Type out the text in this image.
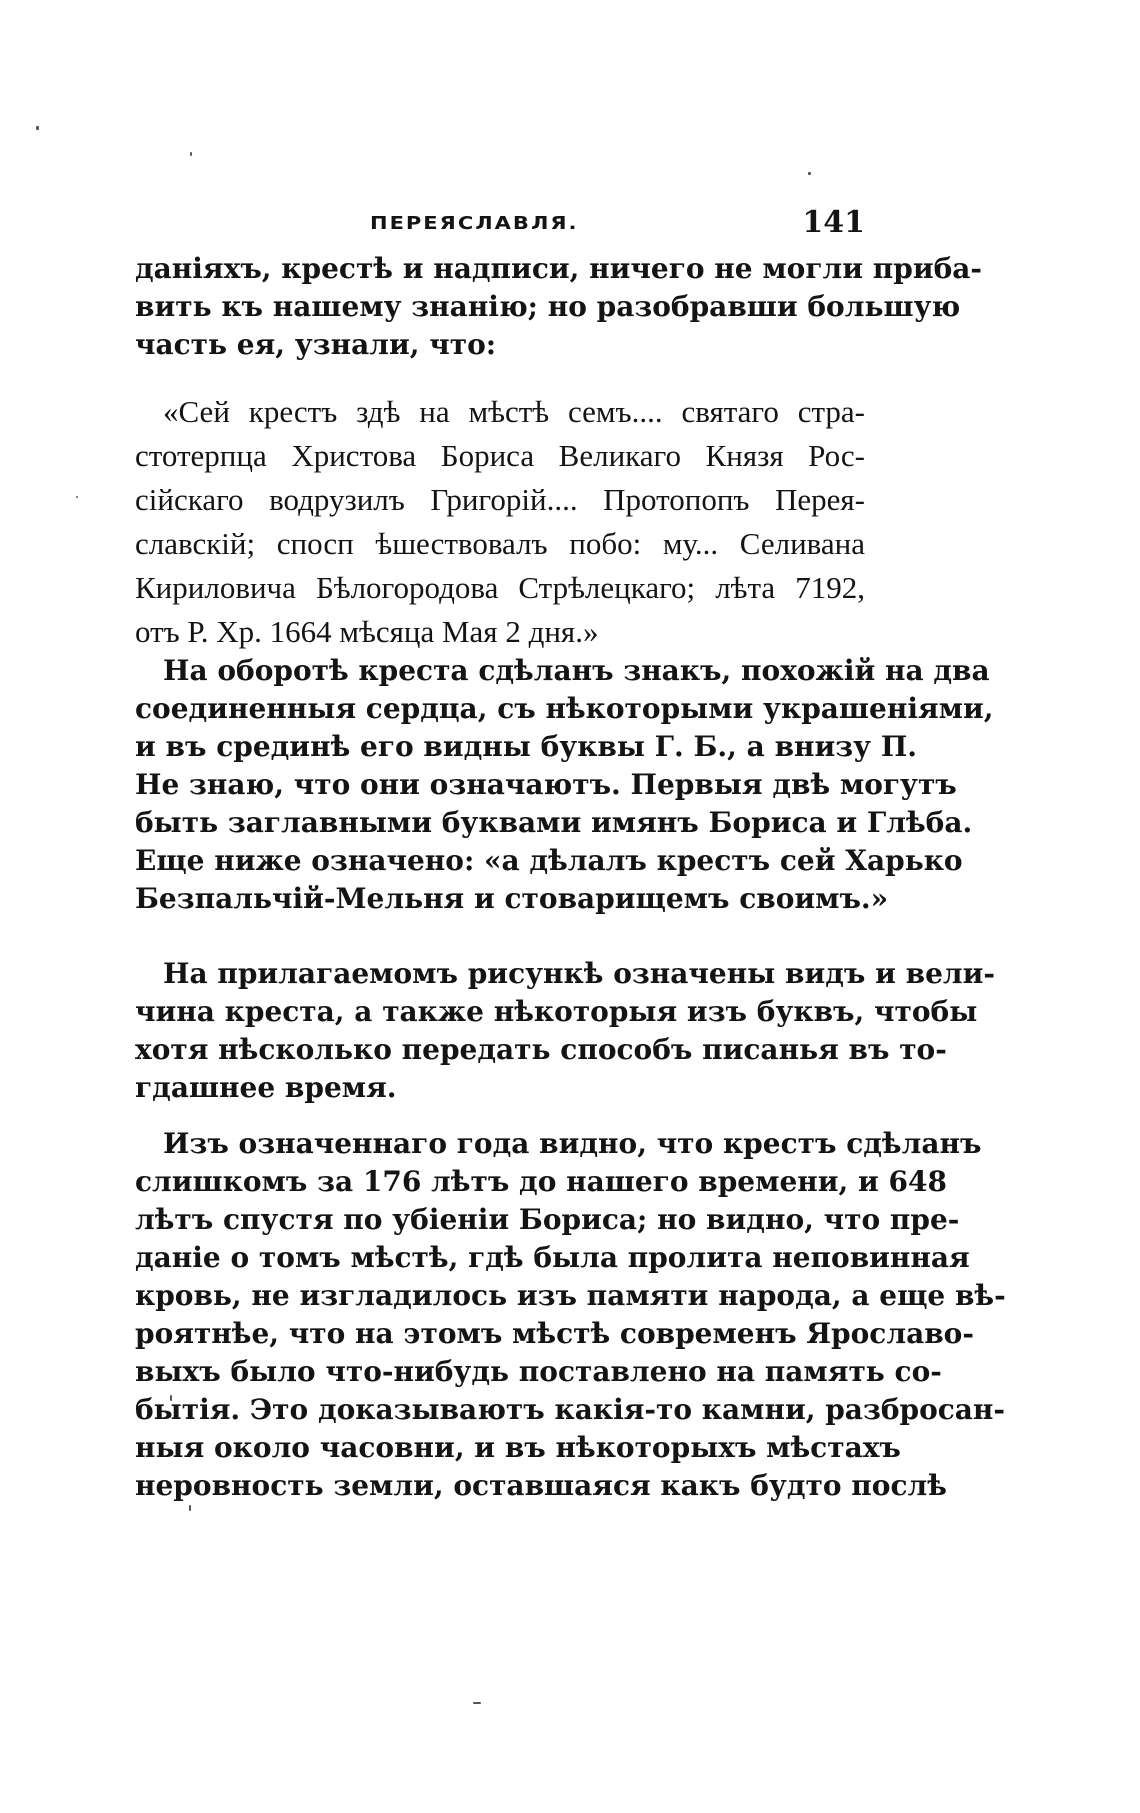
ПЕРЕЯСЛАВЛЯ.	141
даніяхъ, крестѣ и надписи, ничего не могли приба-
вить къ нашему знанію; но разобравши большую
часть ея, узнали, что:
«Сей крестъ здѣ на мѣстѣ семъ.... святаго стра-
стотерпца Христова Бориса Великаго Князя Рос-
сійскаго водрузилъ Григорій.... Протопопъ Перея-
славскій; спосп ѣшествовалъ побо: му... Селивана
Кириловича Бѣлогородова Стрѣлецкаго; лѣта 7192,
отъ Р. Хр. 1664 мѣсяца Мая 2 дня.»
На оборотѣ креста сдѣланъ знакъ, похожій на два
соединенныя сердца, съ нѣкоторыми украшеніями,
и въ срединѣ его видны буквы Г. Б., а внизу П.
Не знаю, что они означаютъ. Первыя двѣ могутъ
быть заглавными буквами имянъ Бориса и Глѣба.
Еще ниже означено: «а дѣлалъ крестъ сей Харько
Безпальчій-Мельня и стоварищемъ своимъ.»
На прилагаемомъ рисункѣ означены видъ и вели-
чина креста, а также нѣкоторыя изъ буквъ, чтобы
хотя нѣсколько передать способъ писанья въ то-
гдашнее время.
Изъ означеннаго года видно, что крестъ сдѣланъ
слишкомъ за 176 лѣтъ до нашего времени, и 648
лѣтъ спустя по убіеніи Бориса; но видно, что пре-
даніе о томъ мѣстѣ, гдѣ была пролита неповинная
кровь, не изгладилось изъ памяти народа, а еще вѣ-
роятнѣе, что на этомъ мѣстѣ современъ Ярославо-
выхъ было что-нибудь поставлено на память со-
бытія. Это доказываютъ какія-то камни, разбросан-
ныя около часовни, и въ нѣкоторыхъ мѣстахъ
неровность земли, оставшаяся какъ будто послѣ
